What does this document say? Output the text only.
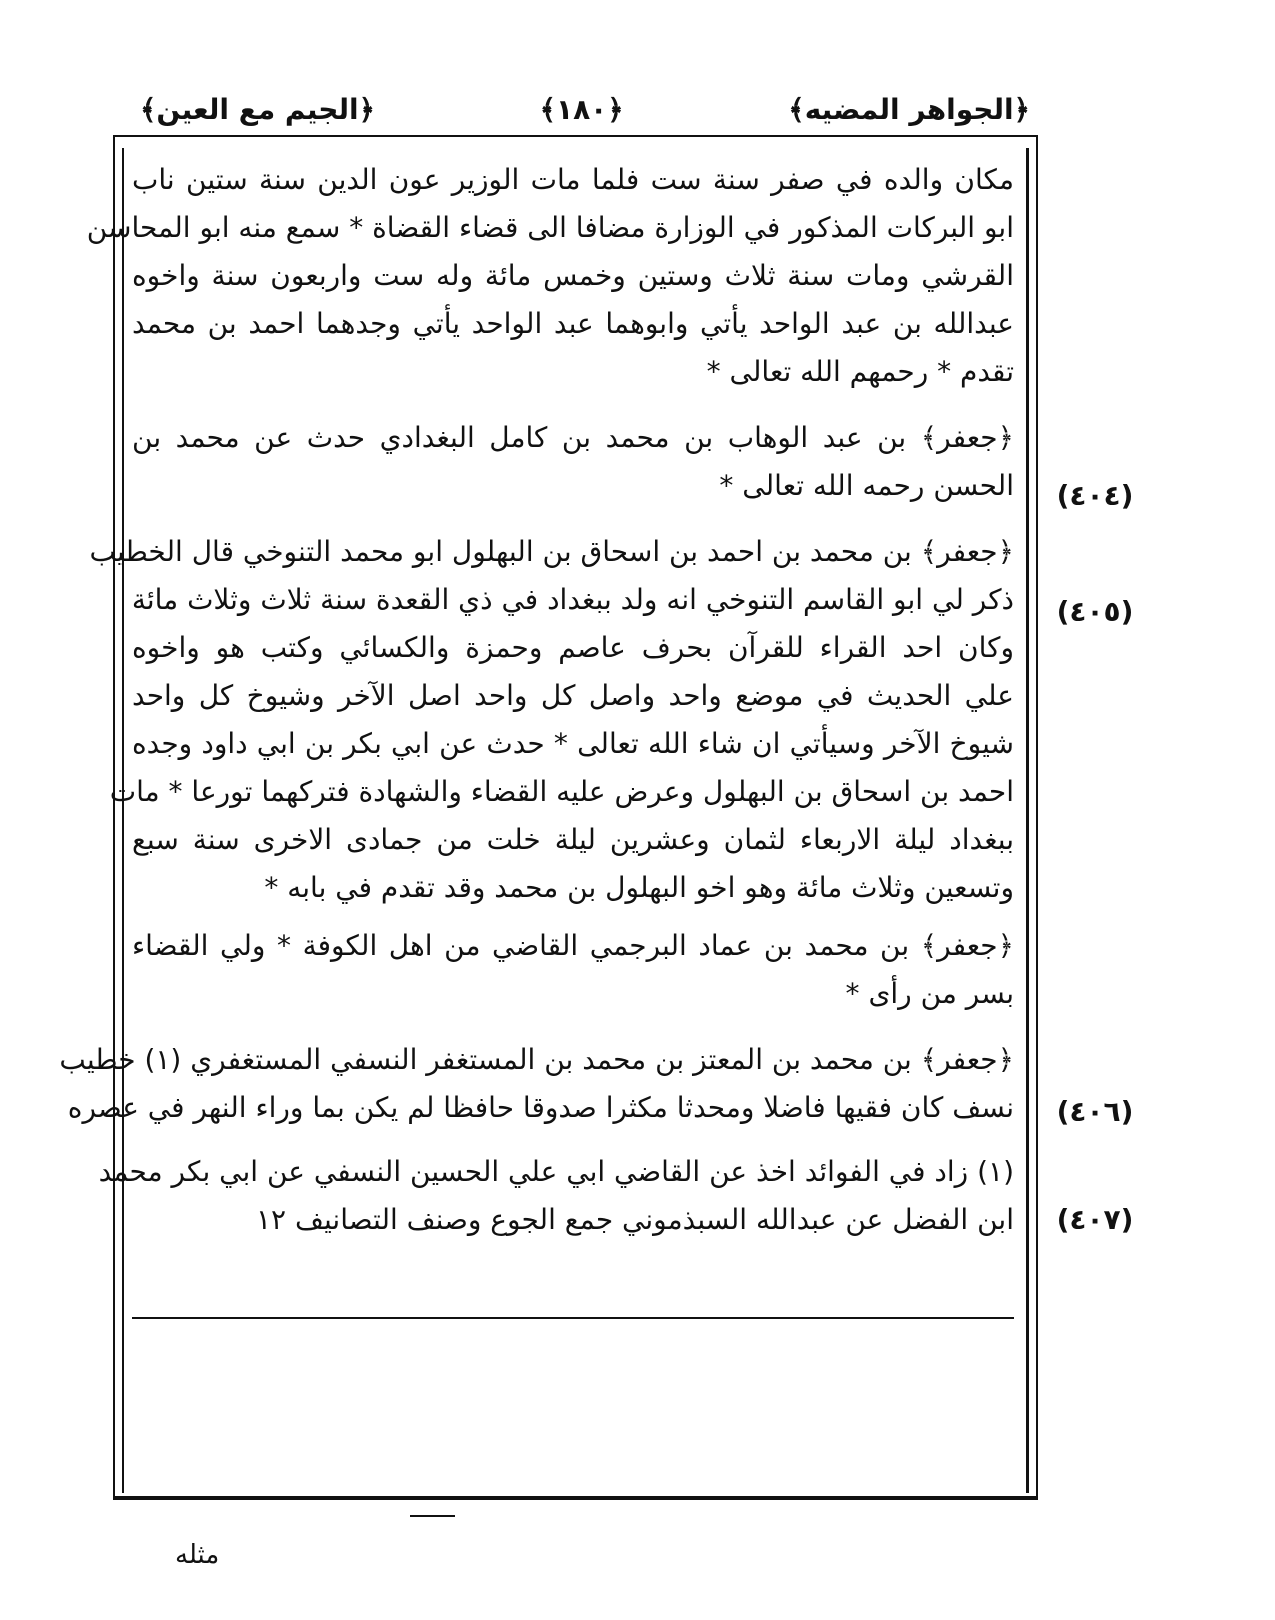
﴿الجواهر المضيه﴾
﴿١٨٠﴾
﴿الجيم مع العين﴾
(٤٠٤)
(٤٠٥)
(٤٠٦)
(٤٠٧)
مكان والده في صفر سنة ست فلما مات الوزير عون الدين سنة ستين ناب
ابو البركات المذكور في الوزارة مضافا الى قضاء القضاة * سمع منه ابو المحاسن
القرشي ومات سنة ثلاث وستين وخمس مائة وله ست واربعون سنة واخوه
عبدالله بن عبد الواحد يأتي وابوهما عبد الواحد يأتي وجدهما احمد بن محمد
تقدم * رحمهم الله تعالى *
﴿جعفر﴾ بن عبد الوهاب بن محمد بن كامل البغدادي حدث عن محمد بن
الحسن رحمه الله تعالى *
﴿جعفر﴾ بن محمد بن احمد بن اسحاق بن البهلول ابو محمد التنوخي قال الخطيب
ذكر لي ابو القاسم التنوخي انه ولد ببغداد في ذي القعدة سنة ثلاث وثلاث مائة
وكان احد القراء للقرآن بحرف عاصم وحمزة والكسائي وكتب هو واخوه
علي الحديث في موضع واحد واصل كل واحد اصل الآخر وشيوخ كل واحد
شيوخ الآخر وسيأتي ان شاء الله تعالى * حدث عن ابي بكر بن ابي داود وجده
احمد بن اسحاق بن البهلول وعرض عليه القضاء والشهادة فتركهما تورعا * مات
ببغداد ليلة الاربعاء لثمان وعشرين ليلة خلت من جمادى الاخرى سنة سبع
وتسعين وثلاث مائة وهو اخو البهلول بن محمد وقد تقدم في بابه *
﴿جعفر﴾ بن محمد بن عماد البرجمي القاضي من اهل الكوفة * ولي القضاء
بسر من رأى *
﴿جعفر﴾ بن محمد بن المعتز بن محمد بن المستغفر النسفي المستغفري (١) خطيب
نسف كان فقيها فاضلا ومحدثا مكثرا صدوقا حافظا لم يكن بما وراء النهر في عصره
(١) زاد في الفوائد اخذ عن القاضي ابي علي الحسين النسفي عن ابي بكر محمد
ابن الفضل عن عبدالله السبذموني جمع الجوع وصنف التصانيف ١٢
مثله
